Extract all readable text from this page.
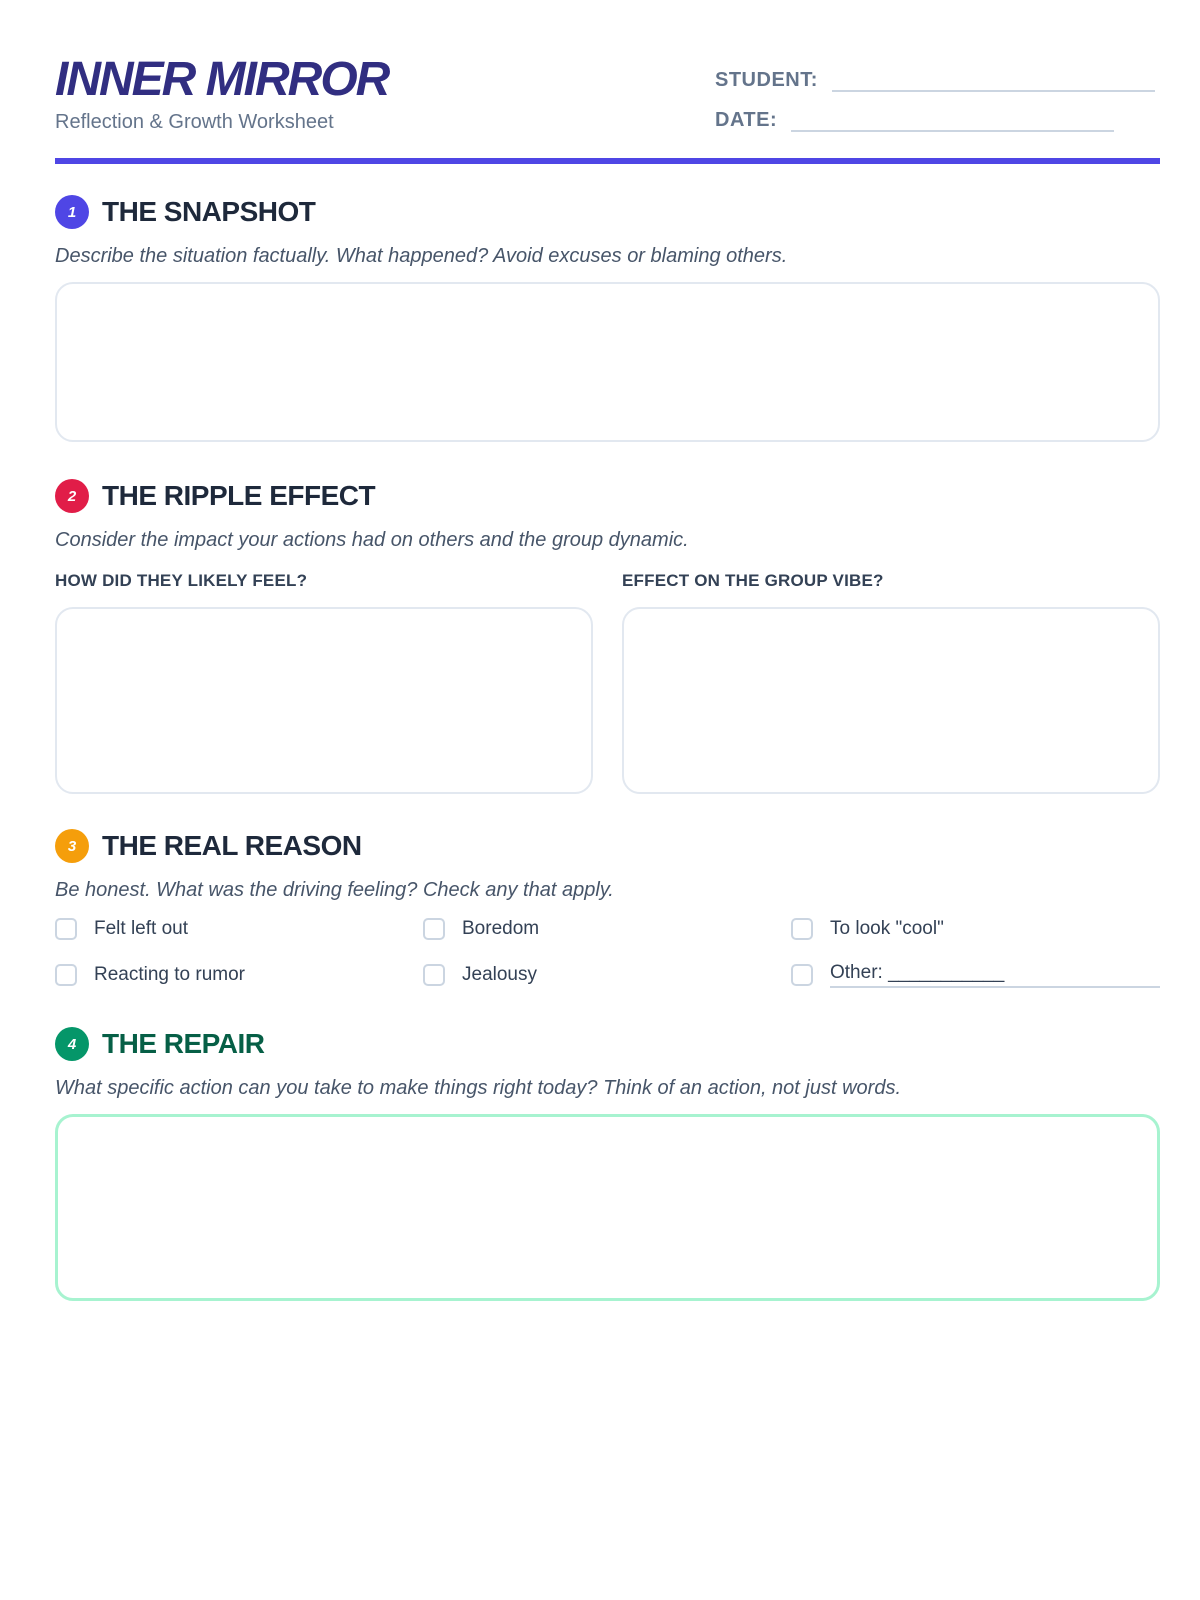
INNER MIRROR
Reflection & Growth Worksheet
STUDENT:
DATE:
1 THE SNAPSHOT
Describe the situation factually. What happened? Avoid excuses or blaming others.
2 THE RIPPLE EFFECT
Consider the impact your actions had on others and the group dynamic.
HOW DID THEY LIKELY FEEL?	EFFECT ON THE GROUP VIBE?
3 THE REAL REASON
Be honest. What was the driving feeling? Check any that apply.
Felt left out	Boredom	To look "cool"
Reacting to rumor	Jealousy	Other: ___________
4 THE REPAIR
What specific action can you take to make things right today? Think of an action, not just words.
